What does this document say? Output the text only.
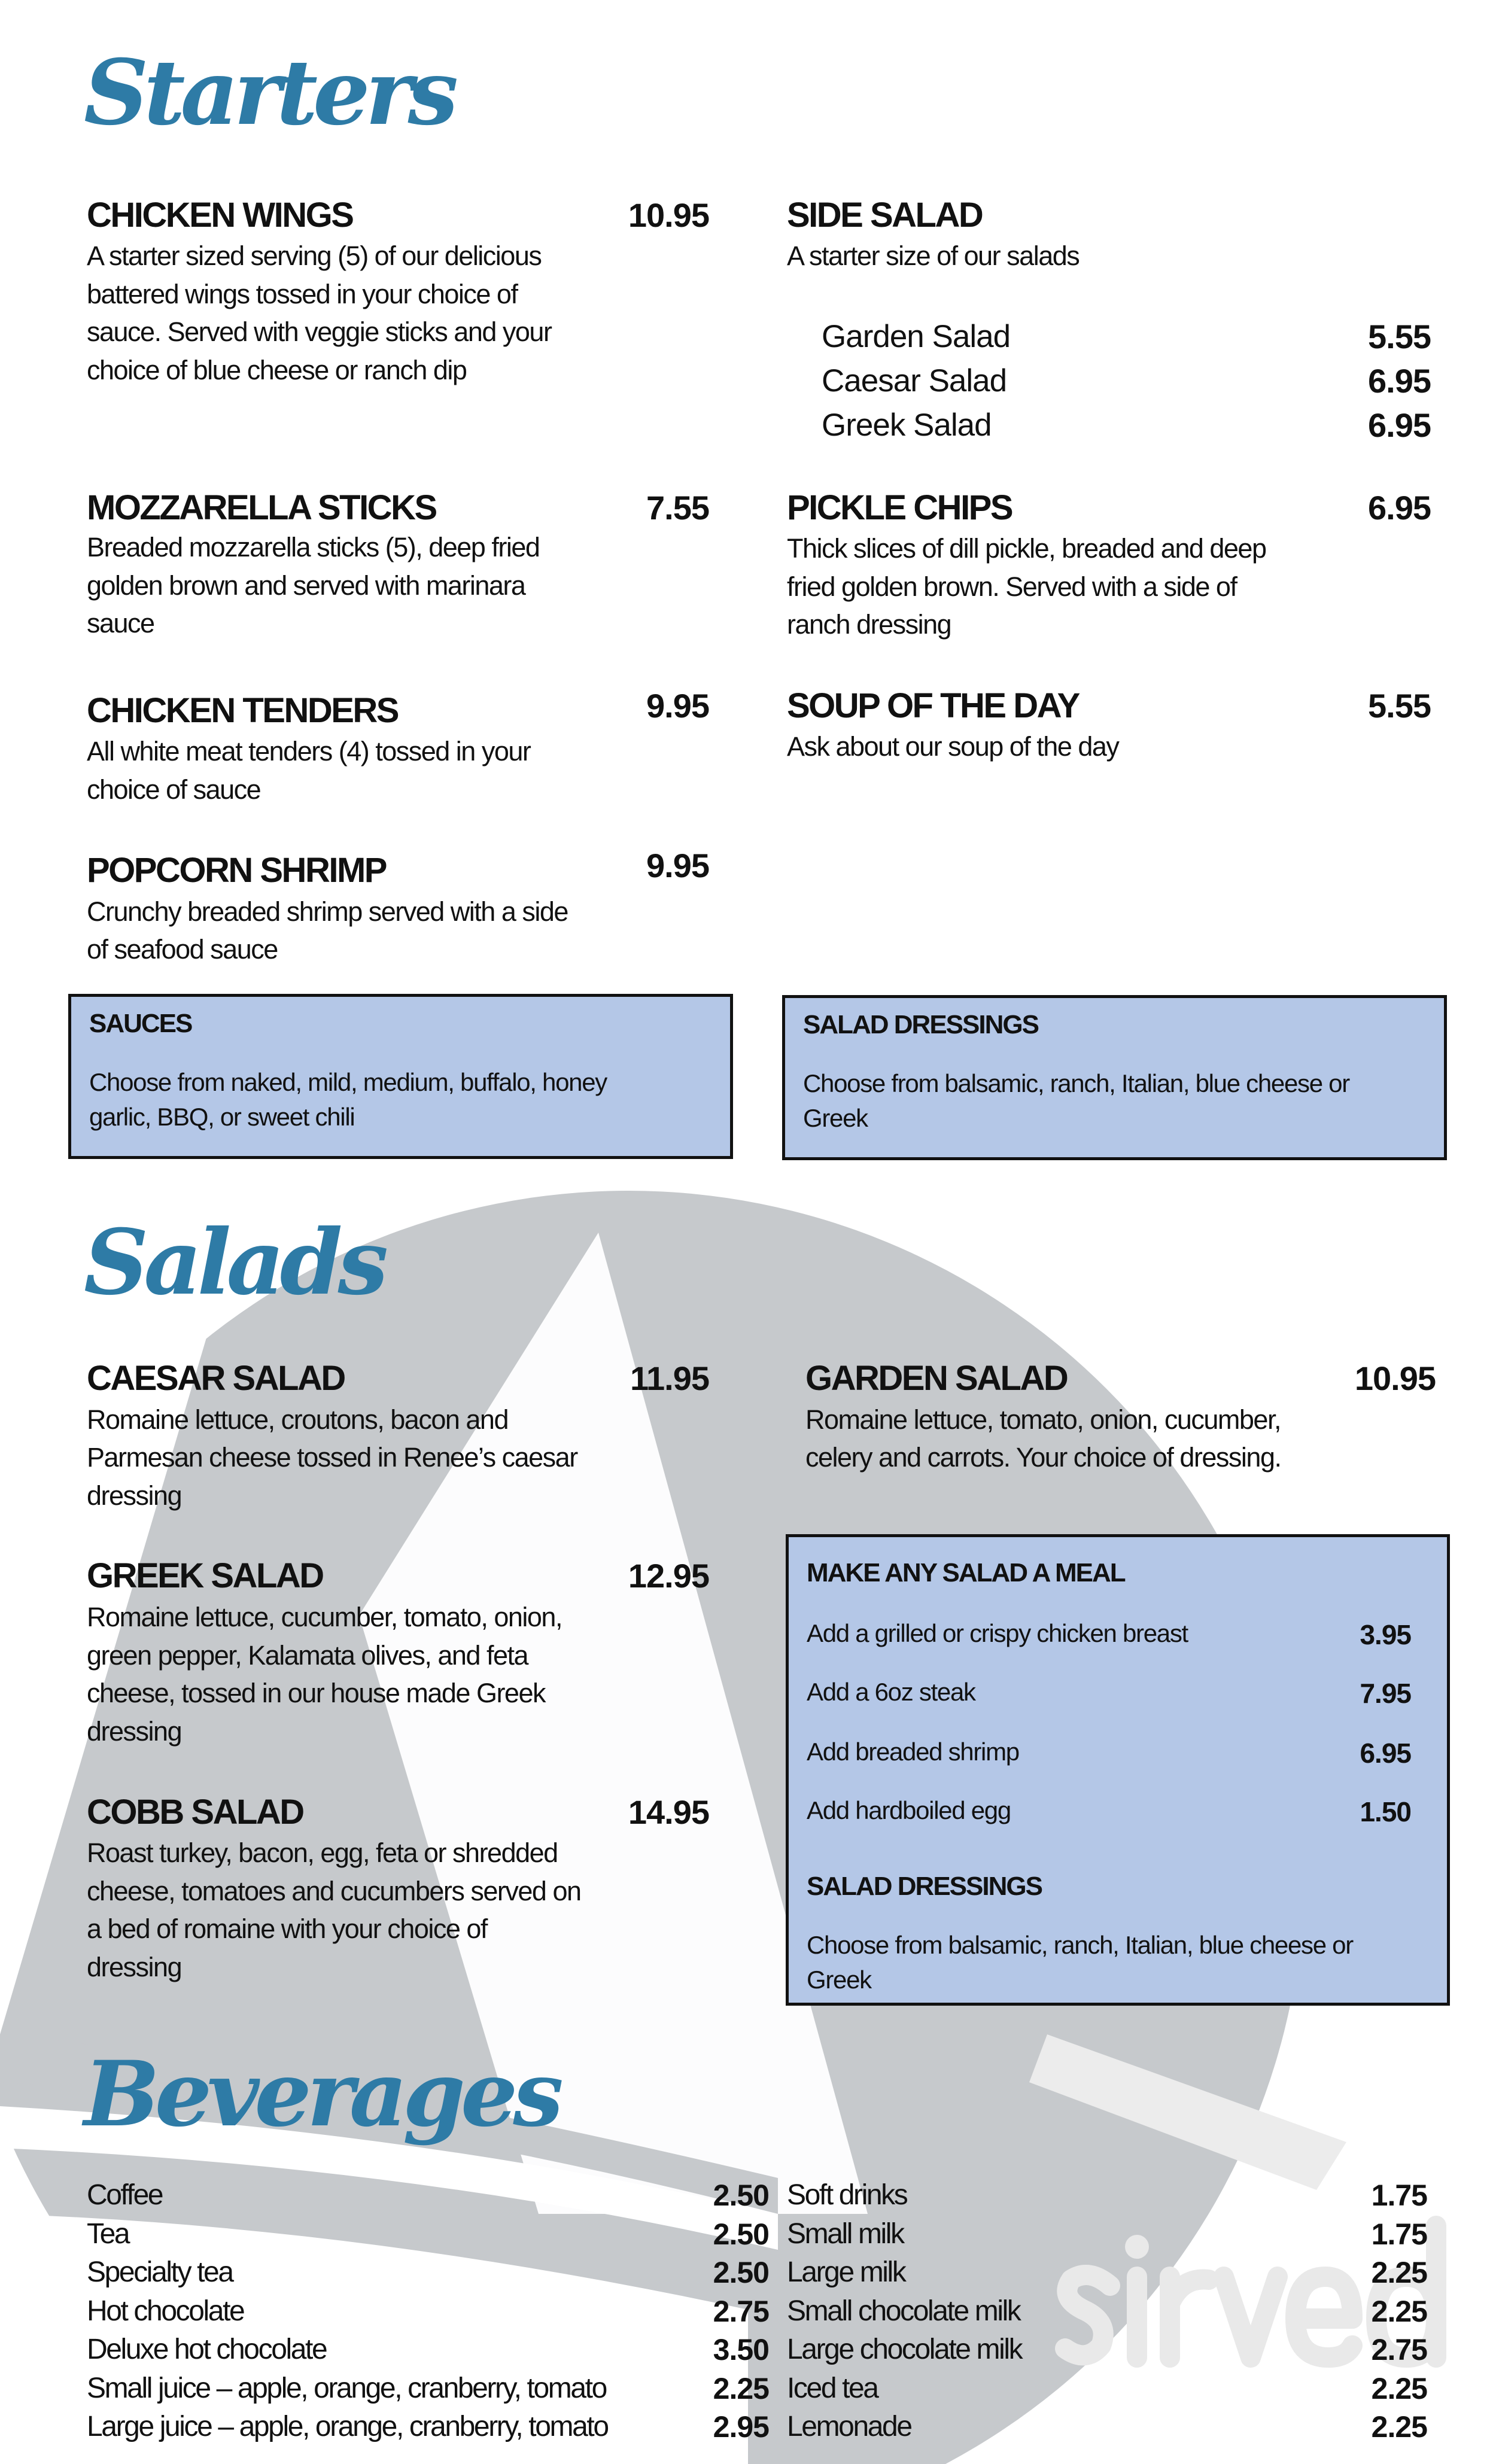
Starters
CHICKEN WINGS	10.95
A starter sized serving (5) of our delicious
battered wings tossed in your choice of
sauce. Served with veggie sticks and your
choice of blue cheese or ranch dip
SIDE SALAD
A starter size of our salads
Garden Salad	5.55
Caesar Salad	6.95
Greek Salad	6.95
MOZZARELLA STICKS	7.55
Breaded mozzarella sticks (5), deep fried
golden brown and served with marinara
sauce
PICKLE CHIPS	6.95
Thick slices of dill pickle, breaded and deep
fried golden brown. Served with a side of
ranch dressing
CHICKEN TENDERS	9.95
All white meat tenders (4) tossed in your
choice of sauce
SOUP OF THE DAY	5.55
Ask about our soup of the day
POPCORN SHRIMP	9.95
Crunchy breaded shrimp served with a side
of seafood sauce
SAUCES
Choose from naked, mild, medium, buffalo, honey
garlic, BBQ, or sweet chili
SALAD DRESSINGS
Choose from balsamic, ranch, Italian, blue cheese or
Greek
Salads
CAESAR SALAD	11.95
Romaine lettuce, croutons, bacon and
Parmesan cheese tossed in Renee’s caesar
dressing
GARDEN SALAD	10.95
Romaine lettuce, tomato, onion, cucumber,
celery and carrots. Your choice of dressing.
GREEK SALAD	12.95
Romaine lettuce, cucumber, tomato, onion,
green pepper, Kalamata olives, and feta
cheese, tossed in our house made Greek
dressing
COBB SALAD	14.95
Roast turkey, bacon, egg, feta or shredded
cheese, tomatoes and cucumbers served on
a bed of romaine with your choice of
dressing
MAKE ANY SALAD A MEAL
Add a grilled or crispy chicken breast	3.95
Add a 6oz steak	7.95
Add breaded shrimp	6.95
Add hardboiled egg	1.50
SALAD DRESSINGS
Choose from balsamic, ranch, Italian, blue cheese or
Greek
Beverages
Coffee	2.50
Tea	2.50
Specialty tea	2.50
Hot chocolate	2.75
Deluxe hot chocolate	3.50
Small juice – apple, orange, cranberry, tomato	2.25
Large juice – apple, orange, cranberry, tomato	2.95
Soft drinks	1.75
Small milk	1.75
Large milk	2.25
Small chocolate milk	2.25
Large chocolate milk	2.75
Iced tea	2.25
Lemonade	2.25
